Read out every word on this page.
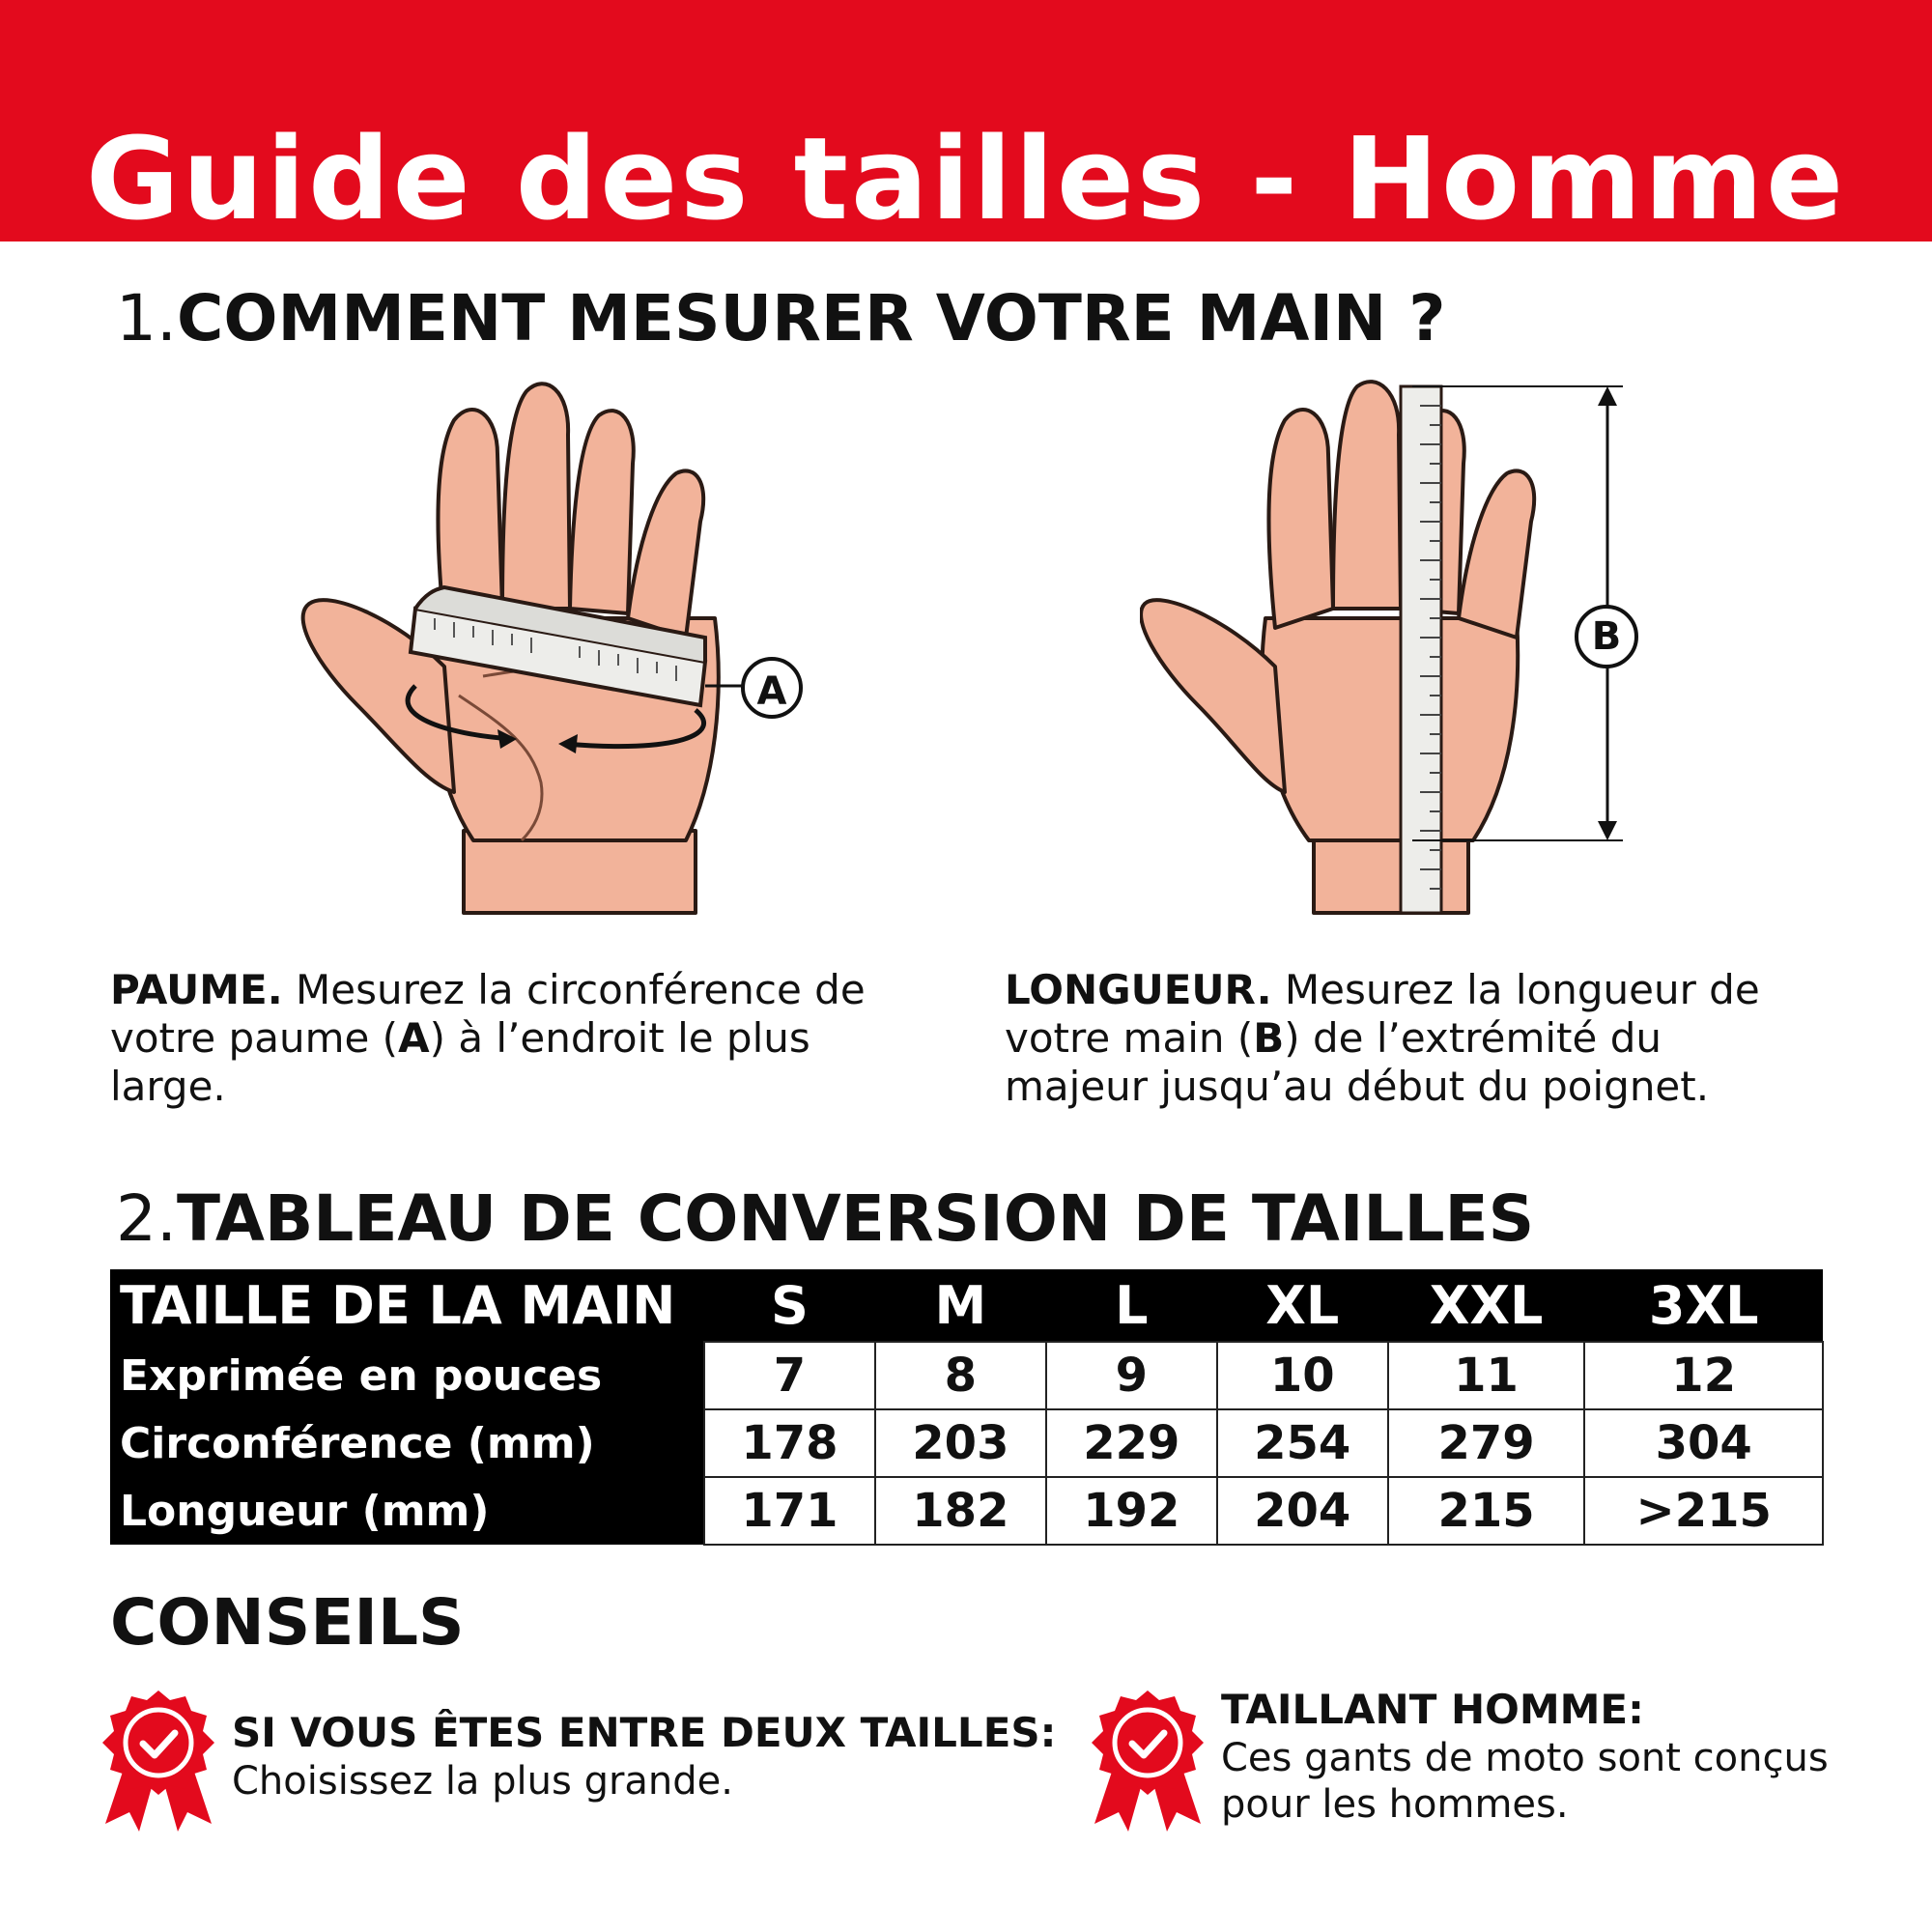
Guide des tailles - Homme
1.COMMENT MESURER VOTRE MAIN ?
A
B
PAUME. Mesurez la circonférence de votre paume (A) à l’endroit le plus large.
LONGUEUR. Mesurez la longueur de votre main (B) de l’extrémité du majeur jusqu’au début du poignet.
2.TABLEAU DE CONVERSION DE TAILLES
TAILLE DE LA MAIN	S	M	L	XL	XXL	3XL
Exprimée en pouces	7	8	9	10	11	12
Circonférence (mm)	178	203	229	254	279	304
Longueur (mm)	171	182	192	204	215	>215
CONSEILS
SI VOUS ÊTES ENTRE DEUX TAILLES:
Choisissez la plus grande.
TAILLANT HOMME:
Ces gants de moto sont conçus pour les hommes.
